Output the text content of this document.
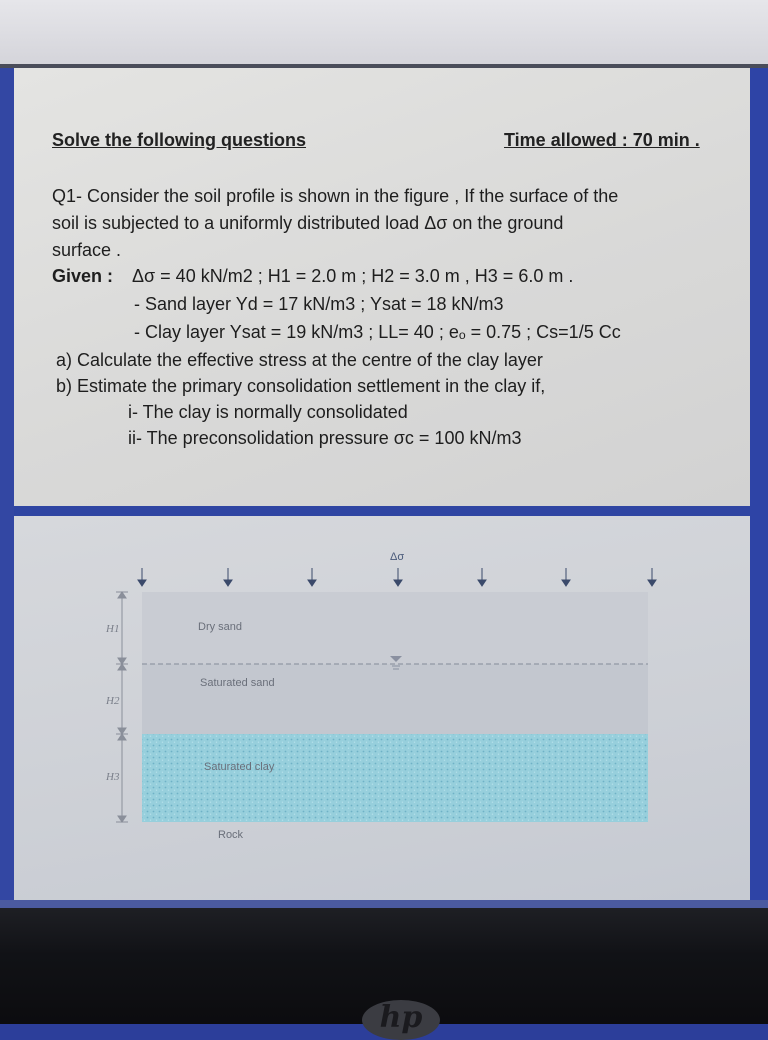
Solve the following questions	Time allowed : 70 min .
Q1- Consider the soil profile is shown in the figure , If the surface of the
soil is subjected to a uniformly distributed load Δσ on the ground
surface .
Given : Δσ = 40 kN/m2 ; H1 = 2.0 m ; H2 = 3.0 m , H3 = 6.0 m .
- Sand layer Yd = 17 kN/m3 ; Ysat = 18 kN/m3
- Clay layer Ysat = 19 kN/m3 ; LL= 40 ; eₒ = 0.75 ; Cs=1/5 Cc
a) Calculate the effective stress at the centre of the clay layer
b) Estimate the primary consolidation settlement in the clay if,
i- The clay is normally consolidated
ii- The preconsolidation pressure σc = 100 kN/m3
Δσ
H1
H2
H3
Dry sand
Saturated sand
Saturated clay
Rock
hp
